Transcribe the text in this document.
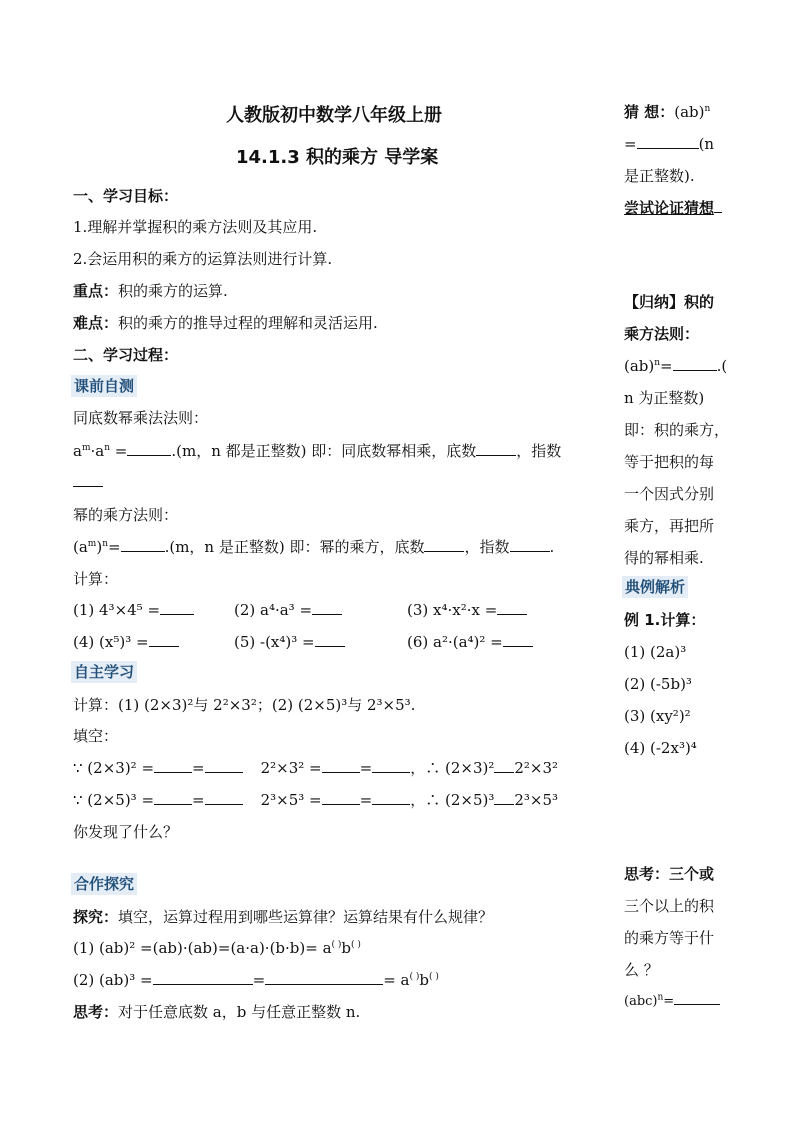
人教版初中数学八年级上册
14.1.3 积的乘方 导学案
一、学习目标：
1.理解并掌握积的乘方法则及其应用.
2.会运用积的乘方的运算法则进行计算.
重点：积的乘方的运算.
难点：积的乘方的推导过程的理解和灵活运用.
二、学习过程：
课前自测
同底数幂乘法法则：
$a^m\cdot a^n$ =	.(m，n 都是正整数) 即：同底数幂相乘，底数	，指数
幂的乘方法则：
$(a^m)^n=$	.(m，n 是正整数) 即：幂的乘方，底数	，指数	.
计算：
(1) 4³×4⁵ =	(2) a⁴·a³ =	(3) x⁴·x²·x =
(4) (x⁵)³ =	(5) -(x⁴)³ =	(6) a²·(a⁴)² =
自主学习
计算：(1) (2×3)²与 2²×3²；(2) (2×5)³与 2³×5³.
填空：
∵ (2×3)² =	=	2²×3² =	=	，∴ (2×3)² 2²×3²
∵ (2×5)³ =	=	2³×5³ =	=	，∴ (2×5)³ 2³×5³
你发现了什么？
合作探究
探究：填空，运算过程用到哪些运算律？运算结果有什么规律？
(1) (ab)² =(ab)·(ab)=(a·a)·(b·b)= a( )b( )
(2) (ab)³ =	=	= a( )b( )
思考：对于任意底数 a，b 与任意正整数 n.
猜 想：(ab)$^n$
=	(n
是正整数).
尝试论证猜想
【归纳】积的
乘方法则：
(ab)$^n$=	.(
n 为正整数)
即：积的乘方，
等于把积的每
一个因式分别
乘方，再把所
得的幂相乘.
典例解析
例 1.计算：
(1) (2a)³
(2) (-5b)³
(3) (xy²)²
(4) (-2x³)⁴
思考：三个或
三个以上的积
的乘方等于什
么 ？
(abc)$^n$=
